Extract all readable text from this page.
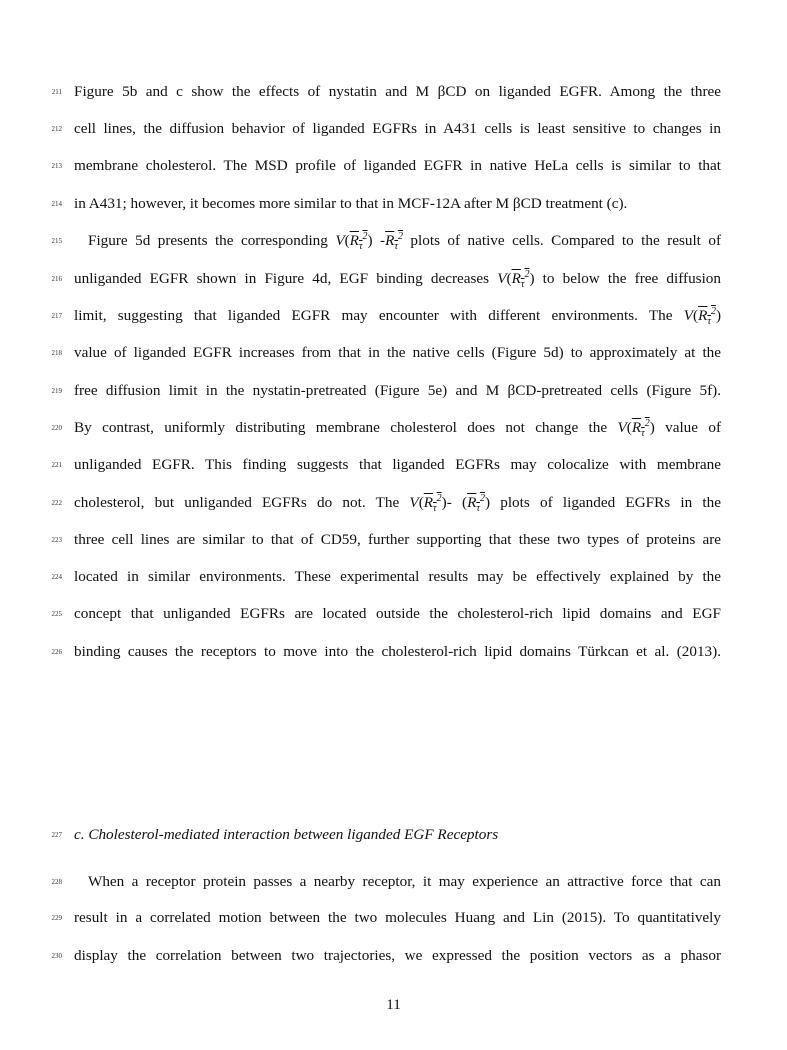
211 Figure 5b and c show the effects of nystatin and M βCD on liganded EGFR. Among the three
212 cell lines, the diffusion behavior of liganded EGFRs in A431 cells is least sensitive to changes in
213 membrane cholesterol. The MSD profile of liganded EGFR in native HeLa cells is similar to that
214 in A431; however, it becomes more similar to that in MCF-12A after M βCD treatment (c).
215 Figure 5d presents the corresponding $V(R_\tau^2)$ $-R_\tau^2$ plots of native cells. Compared to the result of
216 unliganded EGFR shown in Figure 4d, EGF binding decreases $V(R_\tau^2)$ to below the free diffusion
217 limit, suggesting that liganded EGFR may encounter with different environments. The $V(R_\tau^2)$
218 value of liganded EGFR increases from that in the native cells (Figure 5d) to approximately at the
219 free diffusion limit in the nystatin-pretreated (Figure 5e) and M βCD-pretreated cells (Figure 5f).
220 By contrast, uniformly distributing membrane cholesterol does not change the $V(R_\tau^2)$ value of
221 unliganded EGFR. This finding suggests that liganded EGFRs may colocalize with membrane
222 cholesterol, but unliganded EGFRs do not. The $V(R_\tau^2)-$ $(R_\tau^2)$ plots of liganded EGFRs in the
223 three cell lines are similar to that of CD59, further supporting that these two types of proteins are
224 located in similar environments. These experimental results may be effectively explained by the
225 concept that unliganded EGFRs are located outside the cholesterol-rich lipid domains and EGF
226 binding causes the receptors to move into the cholesterol-rich lipid domains Türkcan et al. (2013).
227 c. Cholesterol-mediated interaction between liganded EGF Receptors
228 When a receptor protein passes a nearby receptor, it may experience an attractive force that can
229 result in a correlated motion between the two molecules Huang and Lin (2015). To quantitatively
230 display the correlation between two trajectories, we expressed the position vectors as a phasor
11
